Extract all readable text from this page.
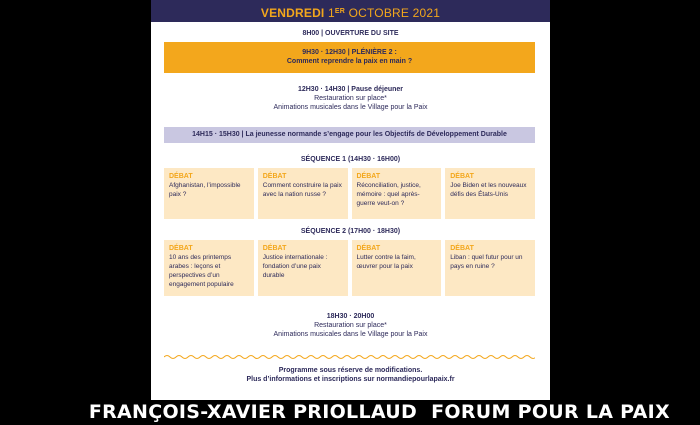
VENDREDI 1ER OCTOBRE 2021
8H00 | OUVERTURE DU SITE
9H30 · 12H30 | PLÉNIÈRE 2 :
Comment reprendre la paix en main ?
12H30 · 14H30 | Pause déjeuner
Restauration sur place*
Animations musicales dans le Village pour la Paix
14H15 · 15H30 | La jeunesse normande s’engage pour les Objectifs de Développement Durable
SÉQUENCE 1 (14H30 · 16H00)
DÉBAT
Afghanistan, l’impossible paix ?
DÉBAT
Comment construire la paix avec la nation russe ?
DÉBAT
Réconciliation, justice, mémoire : quel après-guerre veut-on ?
DÉBAT
Joe Biden et les nouveaux défis des États-Unis
SÉQUENCE 2 (17H00 · 18H30)
DÉBAT
10 ans des printemps arabes : leçons et perspectives d’un engagement populaire
DÉBAT
Justice internationale : fondation d’une paix durable
DÉBAT
Lutter contre la faim, œuvrer pour la paix
DÉBAT
Liban : quel futur pour un pays en ruine ?
18H30 · 20H00
Restauration sur place*
Animations musicales dans le Village pour la Paix
Programme sous réserve de modifications.
Plus d’informations et inscriptions sur normandiepourlapaix.fr
FRANÇOIS-XAVIER PRIOLLAUD FORUM POUR LA PAIX
